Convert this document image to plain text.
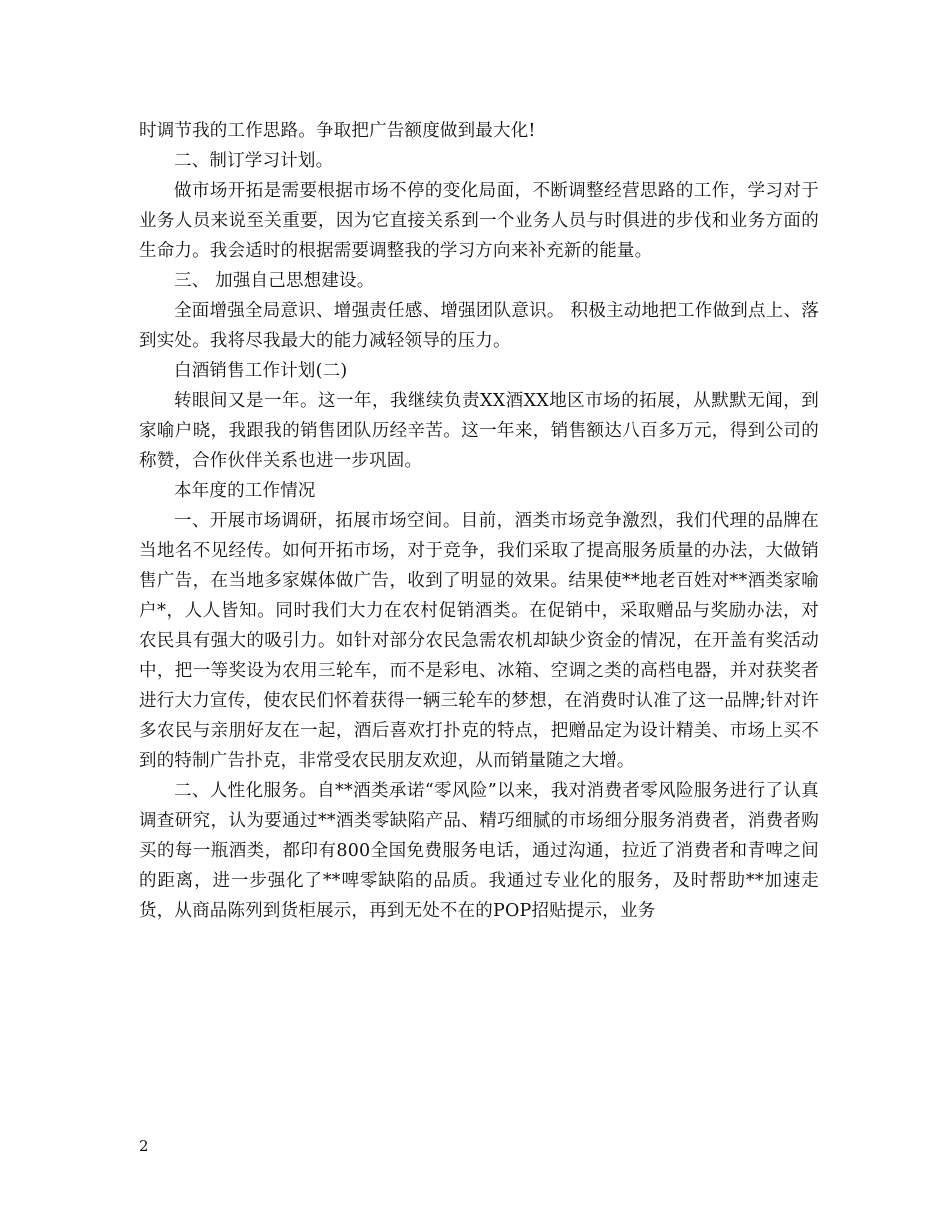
时调节我的工作思路。争取把广告额度做到最大化!

二、制订学习计划。

做市场开拓是需要根据市场不停的变化局面，不断调整经营思路的工作，学习对于业务人员来说至关重要，因为它直接关系到一个业务人员与时俱进的步伐和业务方面的生命力。我会适时的根据需要调整我的学习方向来补充新的能量。

三、 加强自己思想建设。

全面增强全局意识、增强责任感、增强团队意识。 积极主动地把工作做到点上、落到实处。我将尽我最大的能力减轻领导的压力。

白酒销售工作计划(二)

转眼间又是一年。这一年，我继续负责XX酒XX地区市场的拓展，从默默无闻，到家喻户晓，我跟我的销售团队历经辛苦。这一年来，销售额达八百多万元，得到公司的称赞，合作伙伴关系也进一步巩固。

本年度的工作情况

一、开展市场调研，拓展市场空间。目前，酒类市场竞争激烈，我们代理的品牌在当地名不见经传。如何开拓市场，对于竞争，我们采取了提高服务质量的办法，大做销售广告，在当地多家媒体做广告，收到了明显的效果。结果使**地老百姓对**酒类家喻户*，人人皆知。同时我们大力在农村促销酒类。在促销中，采取赠品与奖励办法，对农民具有强大的吸引力。如针对部分农民急需农机却缺少资金的情况，在开盖有奖活动中，把一等奖设为农用三轮车，而不是彩电、冰箱、空调之类的高档电器，并对获奖者进行大力宣传，使农民们怀着获得一辆三轮车的梦想，在消费时认准了这一品牌;针对许多农民与亲朋好友在一起，酒后喜欢打扑克的特点，把赠品定为设计精美、市场上买不到的特制广告扑克，非常受农民朋友欢迎，从而销量随之大增。

二、人性化服务。自**酒类承诺“零风险”以来，我对消费者零风险服务进行了认真调查研究，认为要通过**酒类零缺陷产品、精巧细腻的市场细分服务消费者，消费者购买的每一瓶酒类，都印有800全国免费服务电话，通过沟通，拉近了消费者和青啤之间的距离，进一步强化了**啤零缺陷的品质。我通过专业化的服务，及时帮助**加速走货，从商品陈列到货柜展示，再到无处不在的POP招贴提示，业务

2
